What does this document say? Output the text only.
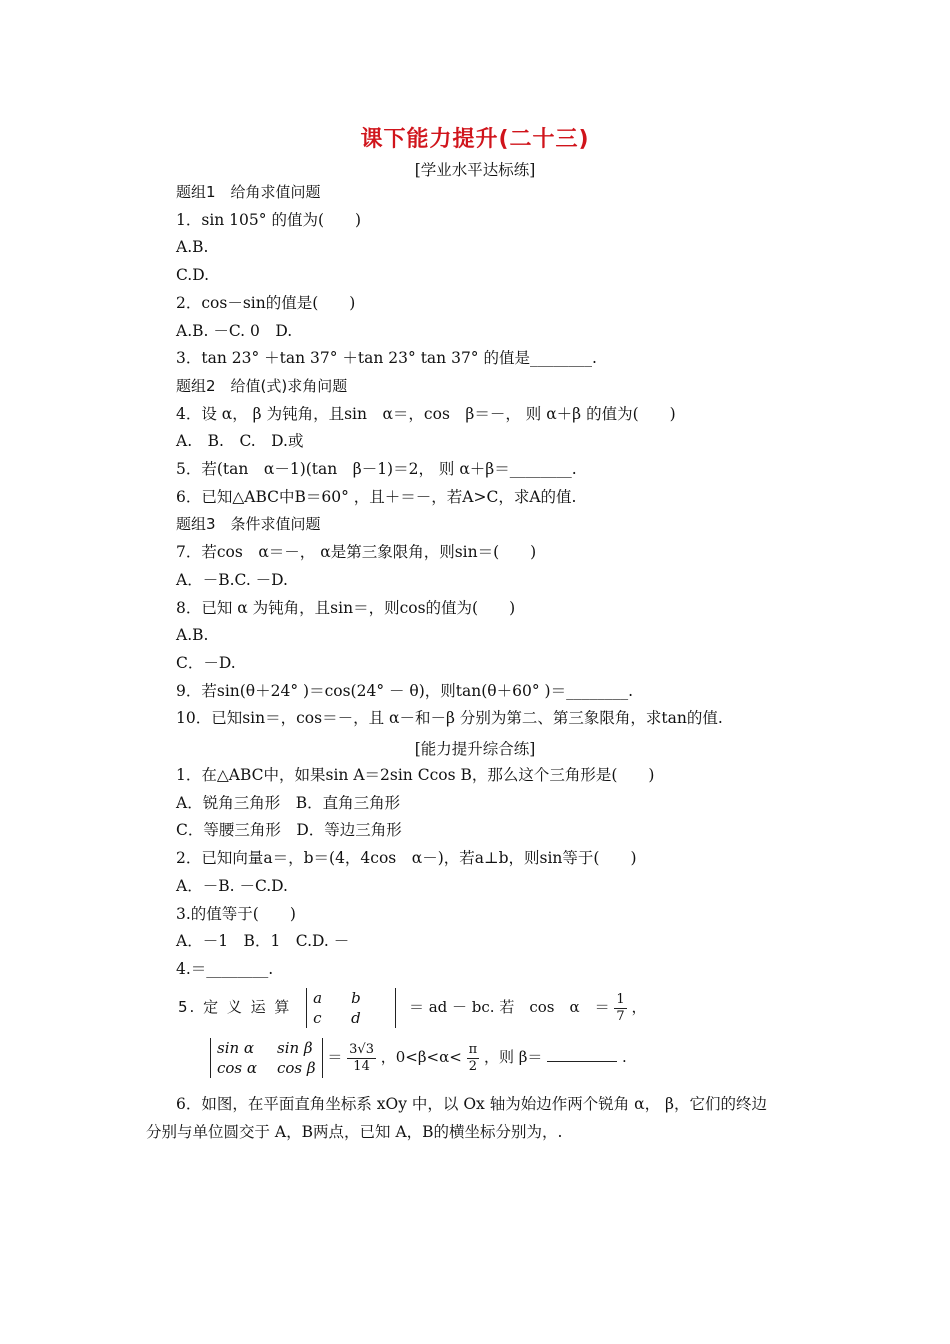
课下能力提升(二十三)
[学业水平达标练]
题组1　给角求值问题
1．sin 105° 的值为(　　)
A.B.
C.D.
2．cos－sin的值是(　　)
A.B. －C. 0　D.
3．tan 23° ＋tan 37° ＋tan 23° tan 37° 的值是________.
题组2　给值(式)求角问题
4．设 α， β 为钝角，且sin　α＝，cos　β＝－， 则 α＋β 的值为(　　)
A.　B.　C.　D.或
5．若(tan　α－1)(tan　β－1)＝2， 则 α＋β＝________.
6．已知△ABC中B＝60° ，且＋＝－，若A>C，求A的值.
题组3　条件求值问题
7．若cos　α＝－， α是第三象限角，则sin＝(　　)
A．－B.C. －D.
8．已知 α 为钝角，且sin＝，则cos的值为(　　)
A.B.
C．－D.
9．若sin(θ＋24° )＝cos(24° － θ)，则tan(θ＋60° )＝________.
10．已知sin＝，cos＝－，且 α－和－β 分别为第二、第三象限角，求tan的值.
[能力提升综合练]
1．在△ABC中，如果sin A＝2sin Ccos B，那么这个三角形是(　　)
A．锐角三角形　B．直角三角形
C．等腰三角形　D．等边三角形
2．已知向量a＝，b＝(4，4cos　α－)，若a⊥b，则sin等于(　　)
A．－B. －C.D.
3.的值等于(　　)
A．－1　B．1　C.D. －
4.＝________.
5. 定 义 运 算 a b
c d
＝ ad － bc. 若　cos　α　＝ $\frac{1}{7}$ ，
sin α sin β
cos α cos β
＝ $\frac{3√3}{14}$ ，$0<\beta<\alpha< \frac{\pi}{2}$ ，则 β＝	.
6．如图，在平面直角坐标系 xOy 中，以 Ox 轴为始边作两个锐角 α， β，它们的终边
分别与单位圆交于 A，B两点，已知 A，B的横坐标分别为，.
